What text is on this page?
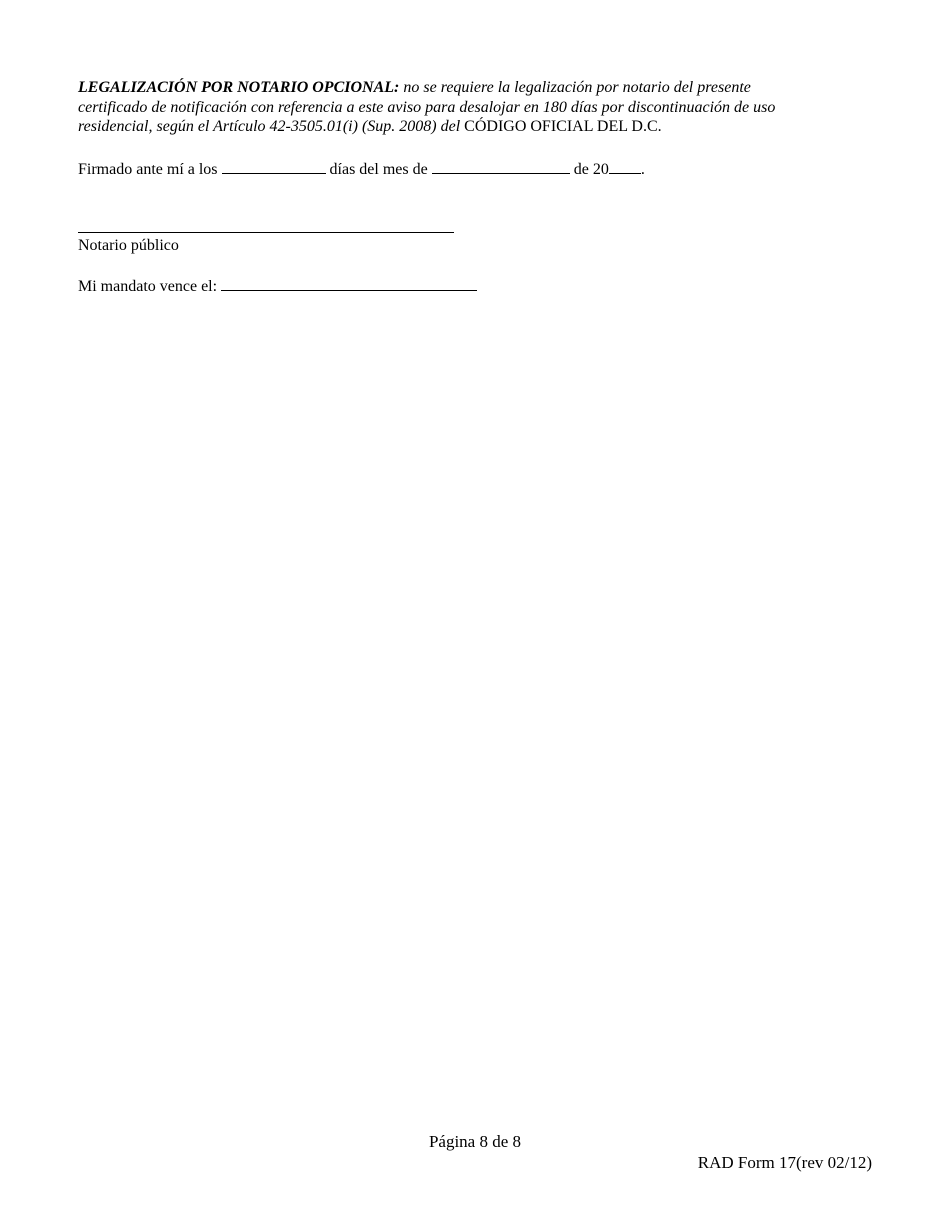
LEGALIZACIÓN POR NOTARIO OPCIONAL: no se requiere la legalización por notario del presente
certificado de notificación con referencia a este aviso para desalojar en 180 días por discontinuación de uso
residencial, según el Artículo 42-3505.01(i) (Sup. 2008) del CÓDIGO OFICIAL DEL D.C.
Firmado ante mí a los	días del mes de	de 20 .
Notario público
Mi mandato vence el:
Página 8 de 8
RAD Form 17(rev 02/12)
